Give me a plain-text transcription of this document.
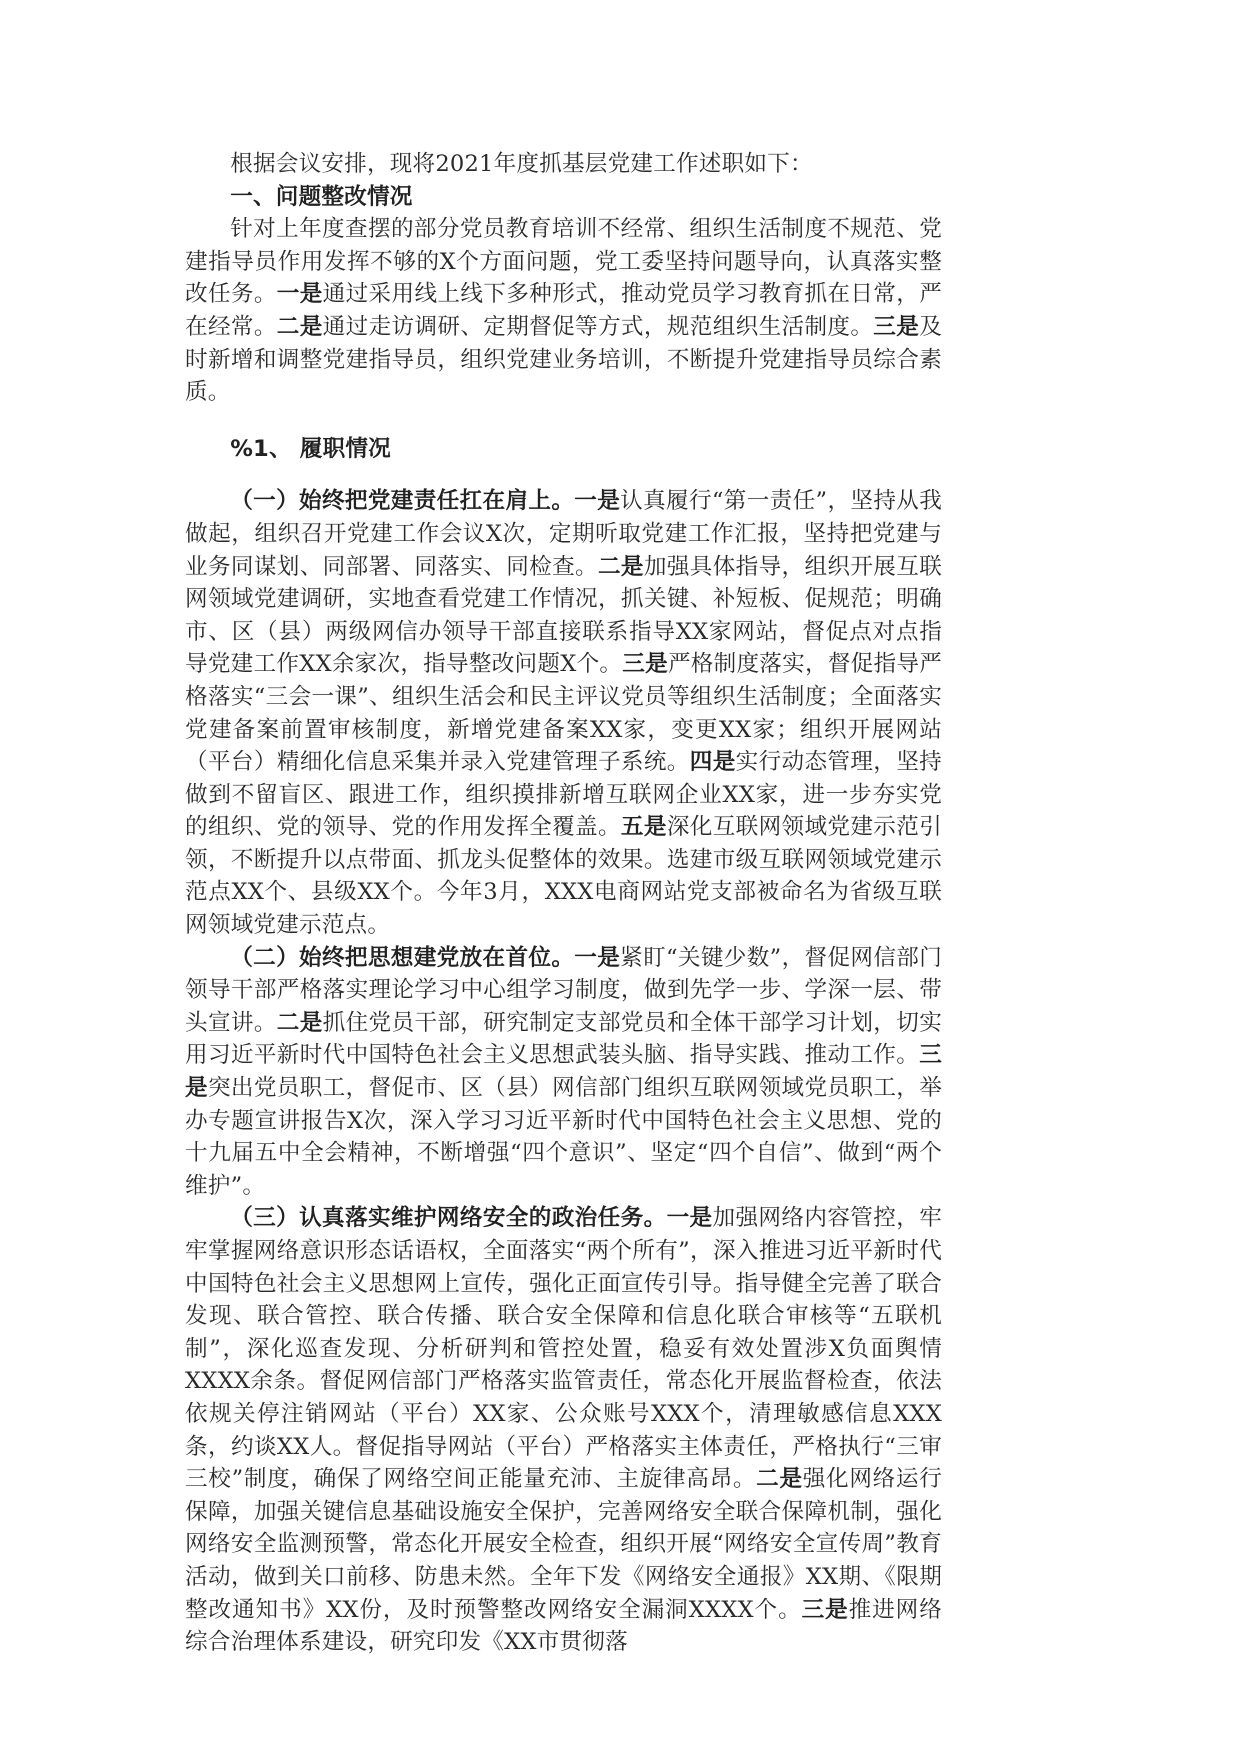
根据会议安排，现将2021年度抓基层党建工作述职如下：

一、问题整改情况

针对上年度查摆的部分党员教育培训不经常、组织生活制度不规范、党建指导员作用发挥不够的X个方面问题，党工委坚持问题导向，认真落实整改任务。一是通过采用线上线下多种形式，推动党员学习教育抓在日常，严在经常。二是通过走访调研、定期督促等方式，规范组织生活制度。三是及时新增和调整党建指导员，组织党建业务培训，不断提升党建指导员综合素质。

%1、 履职情况

（一）始终把党建责任扛在肩上。一是认真履行“第一责任”，坚持从我做起，组织召开党建工作会议X次，定期听取党建工作汇报，坚持把党建与业务同谋划、同部署、同落实、同检查。二是加强具体指导，组织开展互联网领域党建调研，实地查看党建工作情况，抓关键、补短板、促规范；明确市、区（县）两级网信办领导干部直接联系指导XX家网站，督促点对点指导党建工作XX余家次，指导整改问题X个。三是严格制度落实，督促指导严格落实“三会一课”、组织生活会和民主评议党员等组织生活制度；全面落实党建备案前置审核制度，新增党建备案XX家，变更XX家；组织开展网站（平台）精细化信息采集并录入党建管理子系统。四是实行动态管理，坚持做到不留盲区、跟进工作，组织摸排新增互联网企业XX家，进一步夯实党的组织、党的领导、党的作用发挥全覆盖。五是深化互联网领域党建示范引领，不断提升以点带面、抓龙头促整体的效果。选建市级互联网领域党建示范点XX个、县级XX个。今年3月，XXX电商网站党支部被命名为省级互联网领域党建示范点。

（二）始终把思想建党放在首位。一是紧盯“关键少数”，督促网信部门领导干部严格落实理论学习中心组学习制度，做到先学一步、学深一层、带头宣讲。二是抓住党员干部，研究制定支部党员和全体干部学习计划，切实用习近平新时代中国特色社会主义思想武装头脑、指导实践、推动工作。三是突出党员职工，督促市、区（县）网信部门组织互联网领域党员职工，举办专题宣讲报告X次，深入学习习近平新时代中国特色社会主义思想、党的十九届五中全会精神，不断增强“四个意识”、坚定“四个自信”、做到“两个维护”。

（三）认真落实维护网络安全的政治任务。一是加强网络内容管控，牢牢掌握网络意识形态话语权，全面落实“两个所有”，深入推进习近平新时代中国特色社会主义思想网上宣传，强化正面宣传引导。指导健全完善了联合发现、联合管控、联合传播、联合安全保障和信息化联合审核等“五联机制”，深化巡查发现、分析研判和管控处置，稳妥有效处置涉X负面舆情XXXX余条。督促网信部门严格落实监管责任，常态化开展监督检查，依法依规关停注销网站（平台）XX家、公众账号XXX个，清理敏感信息XXX条，约谈XX人。督促指导网站（平台）严格落实主体责任，严格执行“三审三校”制度，确保了网络空间正能量充沛、主旋律高昂。二是强化网络运行保障，加强关键信息基础设施安全保护，完善网络安全联合保障机制，强化网络安全监测预警，常态化开展安全检查，组织开展“网络安全宣传周”教育活动，做到关口前移、防患未然。全年下发《网络安全通报》XX期、《限期整改通知书》XX份，及时预警整改网络安全漏洞XXXX个。三是推进网络综合治理体系建设，研究印发《XX市贯彻落
